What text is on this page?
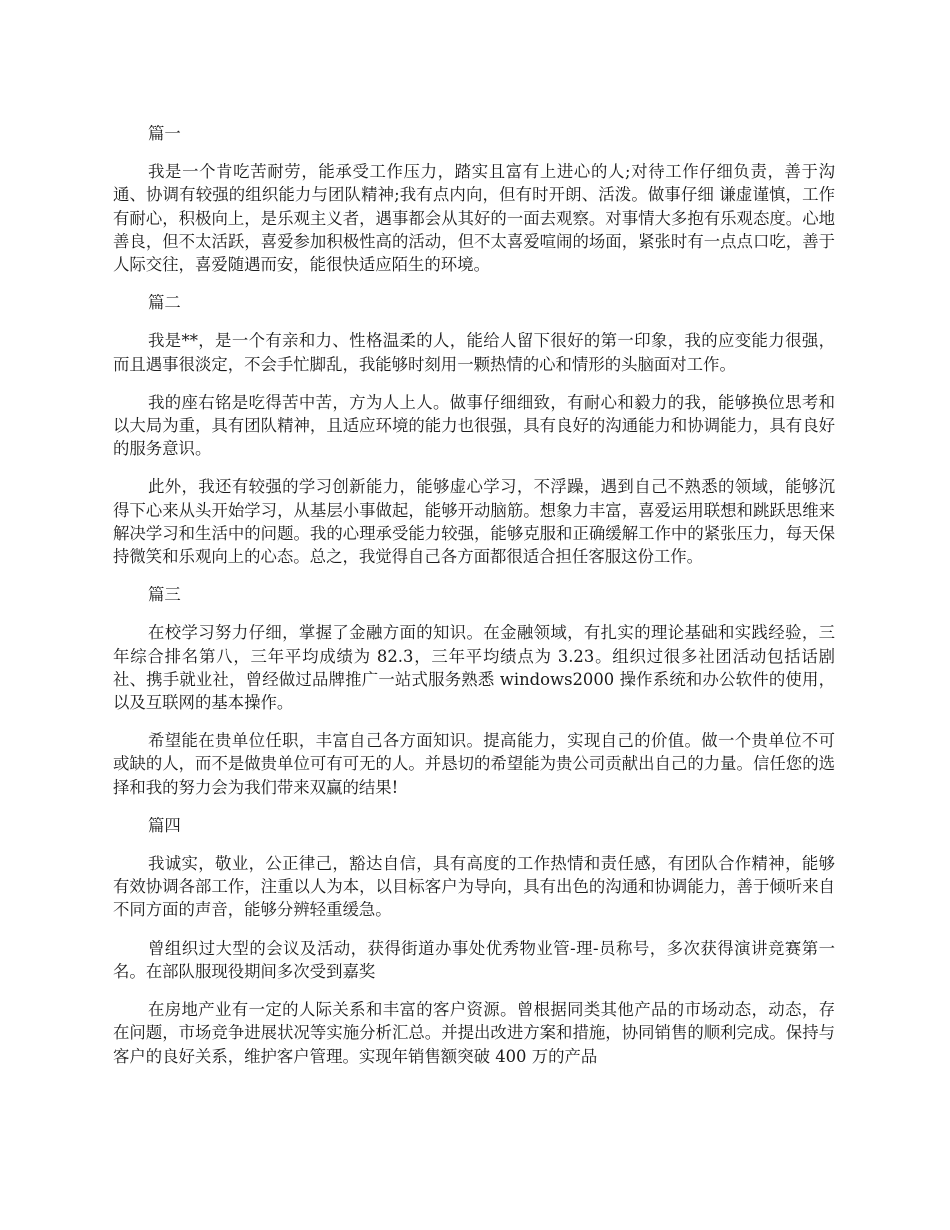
篇一

我是一个肯吃苦耐劳，能承受工作压力，踏实且富有上进心的人;对待工作仔细负责，善于沟通、协调有较强的组织能力与团队精神;我有点内向，但有时开朗、活泼。做事仔细 谦虚谨慎，工作有耐心，积极向上，是乐观主义者，遇事都会从其好的一面去观察。对事情大多抱有乐观态度。心地善良，但不太活跃，喜爱参加积极性高的活动，但不太喜爱喧闹的场面，紧张时有一点点口吃，善于人际交往，喜爱随遇而安，能很快适应陌生的环境。

篇二

我是**，是一个有亲和力、性格温柔的人，能给人留下很好的第一印象，我的应变能力很强，而且遇事很淡定，不会手忙脚乱，我能够时刻用一颗热情的心和情形的头脑面对工作。

我的座右铭是吃得苦中苦，方为人上人。做事仔细细致，有耐心和毅力的我，能够换位思考和以大局为重，具有团队精神，且适应环境的能力也很强，具有良好的沟通能力和协调能力，具有良好的服务意识。

此外，我还有较强的学习创新能力，能够虚心学习，不浮躁，遇到自己不熟悉的领域，能够沉得下心来从头开始学习，从基层小事做起，能够开动脑筋。想象力丰富，喜爱运用联想和跳跃思维来解决学习和生活中的问题。我的心理承受能力较强，能够克服和正确缓解工作中的紧张压力，每天保持微笑和乐观向上的心态。总之，我觉得自己各方面都很适合担任客服这份工作。

篇三

在校学习努力仔细，掌握了金融方面的知识。在金融领域，有扎实的理论基础和实践经验，三年综合排名第八，三年平均成绩为 82.3，三年平均绩点为 3.23。组织过很多社团活动包括话剧社、携手就业社，曾经做过品牌推广一站式服务熟悉 windows2000 操作系统和办公软件的使用，以及互联网的基本操作。

希望能在贵单位任职，丰富自己各方面知识。提高能力，实现自己的价值。做一个贵单位不可或缺的人，而不是做贵单位可有可无的人。并恳切的希望能为贵公司贡献出自己的力量。信任您的选择和我的努力会为我们带来双赢的结果!

篇四

我诚实，敬业，公正律己，豁达自信，具有高度的工作热情和责任感，有团队合作精神，能够有效协调各部工作，注重以人为本，以目标客户为导向，具有出色的沟通和协调能力，善于倾听来自不同方面的声音，能够分辨轻重缓急。

曾组织过大型的会议及活动，获得街道办事处优秀物业管-理-员称号，多次获得演讲竞赛第一名。在部队服现役期间多次受到嘉奖

在房地产业有一定的人际关系和丰富的客户资源。曾根据同类其他产品的市场动态，动态，存在问题，市场竞争进展状况等实施分析汇总。并提出改进方案和措施，协同销售的顺利完成。保持与客户的良好关系，维护客户管理。实现年销售额突破 400 万的产品
